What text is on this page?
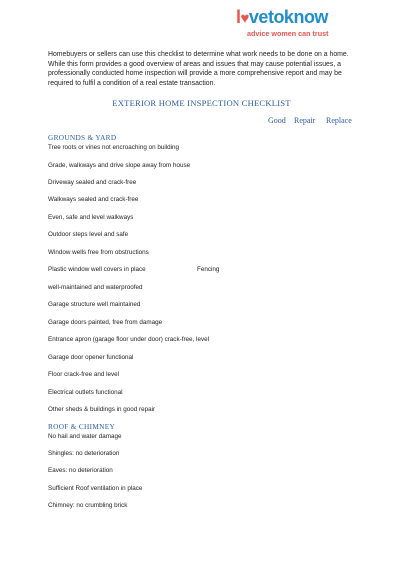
l♥vetoknow
advice women can trust
Homebuyers or sellers can use this checklist to determine what work needs to be done on a home. While this form provides a good overview of areas and issues that may cause potential issues, a professionally conducted home inspection will provide a more comprehensive report and may be required to fulfil a condition of a real estate transaction.
EXTERIOR HOME INSPECTION CHECKLIST
Good Repair Replace
GROUNDS & YARD
Tree roots or vines not encroaching on building
Grade, walkways and drive slope away from house
Driveway sealed and crack-free
Walkways sealed and crack-free
Even, safe and level walkways
Outdoor steps level and safe
Window wells free from obstructions
Plastic window well covers in place	Fencing
well-maintained and waterproofed
Garage structure well maintained
Garage doors painted, free from damage
Entrance apron (garage floor under door) crack-free, level
Garage door opener functional
Floor crack-free and level
Electrical outlets functional
Other sheds & buildings in good repair
ROOF & CHIMNEY
No hail and water damage
Shingles: no deterioration
Eaves: no deterioration
Sufficient Roof ventilation in place
Chimney: no crumbling brick
